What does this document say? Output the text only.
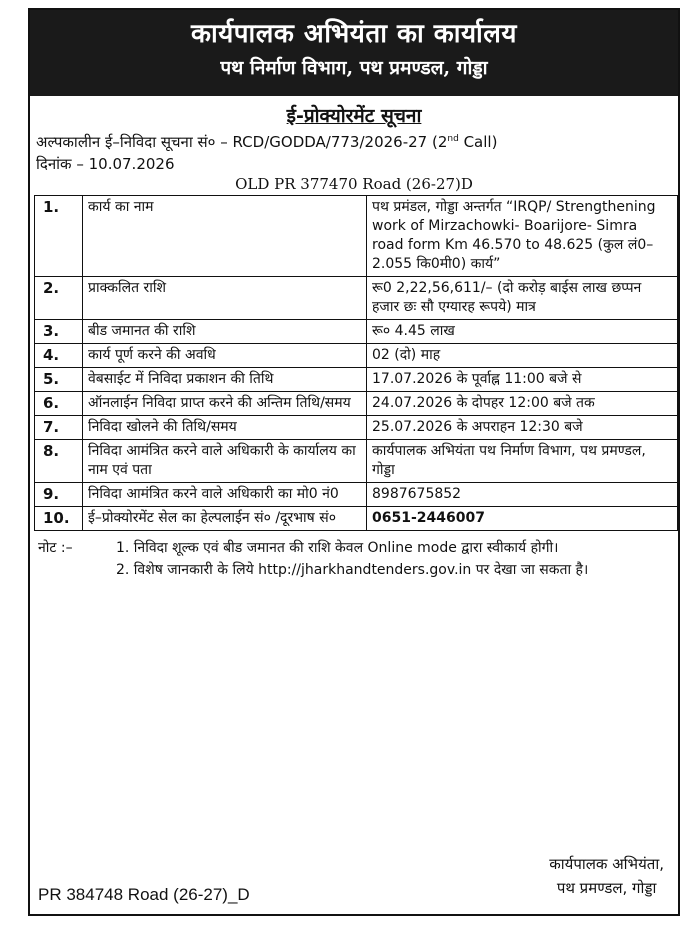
कार्यपालक अभियंता का कार्यालय
पथ निर्माण विभाग, पथ प्रमण्डल, गोड्डा
ई-प्रोक्योरमेंट सूचना
अल्पकालीन ई–निविदा सूचना सं० – RCD/GODDA/773/2026-27 (2nd Call)
दिनांक – 10.07.2026
OLD PR 377470 Road (26-27)D
1.	कार्य का नाम	पथ प्रमंडल, गोड्डा अन्तर्गत “IRQP/ Strengthening work of Mirzachowki- Boarijore- Simra road form Km 46.570 to 48.625 (कुल लं0– 2.055 कि0मी0) कार्य”
2.	प्राक्कलित राशि	रू0 2,22,56,611/– (दो करोड़ बाईस लाख छप्पन हजार छः सौ एग्यारह रूपये) मात्र
3.	बीड जमानत की राशि	रू० 4.45 लाख
4.	कार्य पूर्ण करने की अवधि	02 (दो) माह
5.	वेबसाईट में निविदा प्रकाशन की तिथि	17.07.2026 के पूर्वाह्न 11:00 बजे से
6.	ऑनलाईन निविदा प्राप्त करने की अन्तिम तिथि/समय	24.07.2026 के दोपहर 12:00 बजे तक
7.	निविदा खोलने की तिथि/समय	25.07.2026 के अपराहन 12:30 बजे
8.	निविदा आमंत्रित करने वाले अधिकारी के कार्यालय का नाम एवं पता	कार्यपालक अभियंता पथ निर्माण विभाग, पथ प्रमण्डल, गोड्डा
9.	निविदा आमंत्रित करने वाले अधिकारी का मो0 नं0	8987675852
10.	ई–प्रोक्योरमेंट सेल का हेल्पलाईन सं० /दूरभाष सं०	0651-2446007
नोट :–	1. निविदा शूल्क एवं बीड जमानत की राशि केवल Online mode द्वारा स्वीकार्य होगी।
2. विशेष जानकारी के लिये http://jharkhandtenders.gov.in पर देखा जा सकता है।
कार्यपालक अभियंता,
पथ प्रमण्डल, गोड्डा
PR 384748 Road (26-27)_D
